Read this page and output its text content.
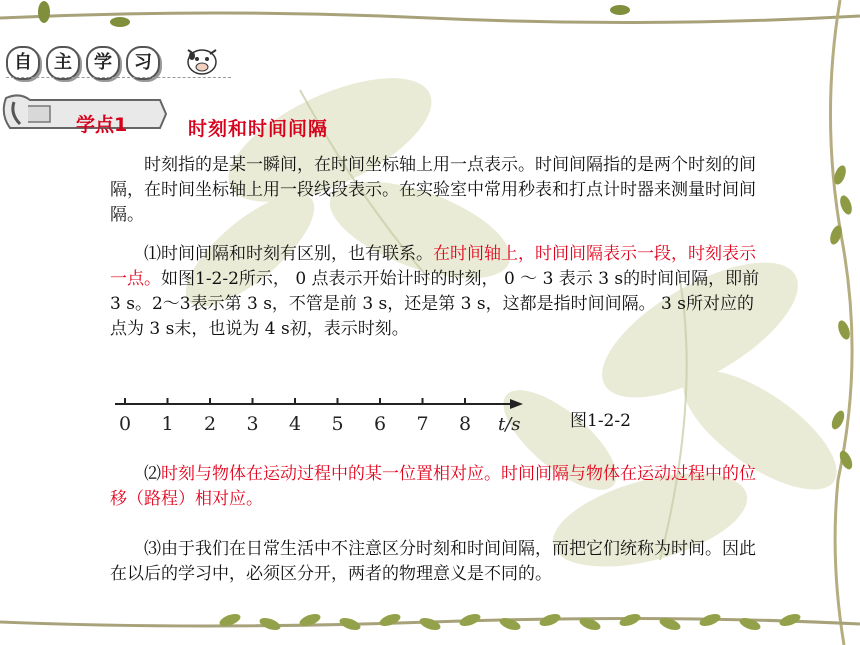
自	主	学	习
学点1	时刻和时间间隔
时刻指的是某一瞬间，在时间坐标轴上用一点表示。时间间隔指的是两个时刻的间隔，在时间坐标轴上用一段线段表示。在实验室中常用秒表和打点计时器来测量时间间隔。
⑴时间间隔和时刻有区别，也有联系。在时间轴上，时间间隔表示一段，时刻表示一点。如图1-2-2所示， 0 点表示开始计时的时刻， 0 ～ 3 表示 3 s的时间间隔，即前 3 s。2～3表示第 3 s，不管是前 3 s，还是第 3 s，这都是指时间间隔。 3 s所对应的点为 3 s末，也说为 4 s初，表示时刻。
0 1 2 3 4 5 6 7 8 t/s	图1-2-2
⑵时刻与物体在运动过程中的某一位置相对应。时间间隔与物体在运动过程中的位移（路程）相对应。
⑶由于我们在日常生活中不注意区分时刻和时间间隔，而把它们统称为时间。因此在以后的学习中，必须区分开，两者的物理意义是不同的。
